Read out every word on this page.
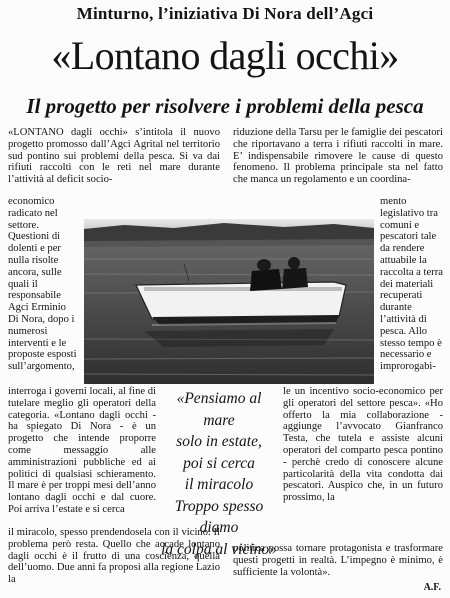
Minturno, l’iniziativa Di Nora dell’Agci
«Lontano dagli occhi»
Il progetto per risolvere i problemi della pesca

«LONTANO dagli occhi» s’intitola il nuovo progetto promosso dall’Agci Agrital nel territorio sud pontino sui problemi della pesca. Si va dai rifiuti raccolti con le reti nel mare durante l’attività al deficit socio-

economico radicato nel settore. Questioni di dolenti e per nulla risolte ancora, sulle quali il responsabile Agci Erminio Di Nora, dopo i numerosi interventi e le proposte esposti sull’argomento,

riduzione della Tarsu per le famiglie dei pescatori che riportavano a terra i rifiuti raccolti in mare. E’ indispensabile rimovere le cause di questo fenomeno. Il problema principale sta nel fatto che manca un regolamento e un coordina-

mento legislativo tra comuni e pescatori tale da rendere attuabile la raccolta a terra dei materiali recuperati durante l’attività di pesca. Allo stesso tempo è necessario e improrogabi-

interroga i governi locali, al fine di tutelare meglio gli operatori della categoria. «Lontano dagli occhi - ha spiegato Di Nora - è un progetto che intende proporre come messaggio alle amministrazioni pubbliche ed ai politici di qualsiasi schieramento. Il mare è per troppi mesi dell’anno lontano dagli occhi e dal cuore. Poi arriva l’estate e si cerca

il miracolo, spesso prendendosela con il vicino. Il problema però resta. Quello che accade lontano dagli occhi è il frutto di una coscienza, quella dell’uomo. Due anni fa proposi alla regione Lazio la

«Pensiamo al mare
solo in estate,
poi si cerca
il miracolo
Troppo spesso diamo
la colpa al vicino»

le un incentivo socio-economico per gli operatori del settore pesca». «Ho offerto la mia collaborazione - aggiunge l’avvocato Gianfranco Testa, che tutela e assiste alcuni operatori del comparto pesca pontino - perchè credo di conoscere alcune particolarità della vita condotta dai pescatori. Auspico che, in un futuro prossimo, la

politica possa tornare protagonista e trasformare questi progetti in realtà. L’impegno è minimo, è sufficiente la volontà».

A.F.
